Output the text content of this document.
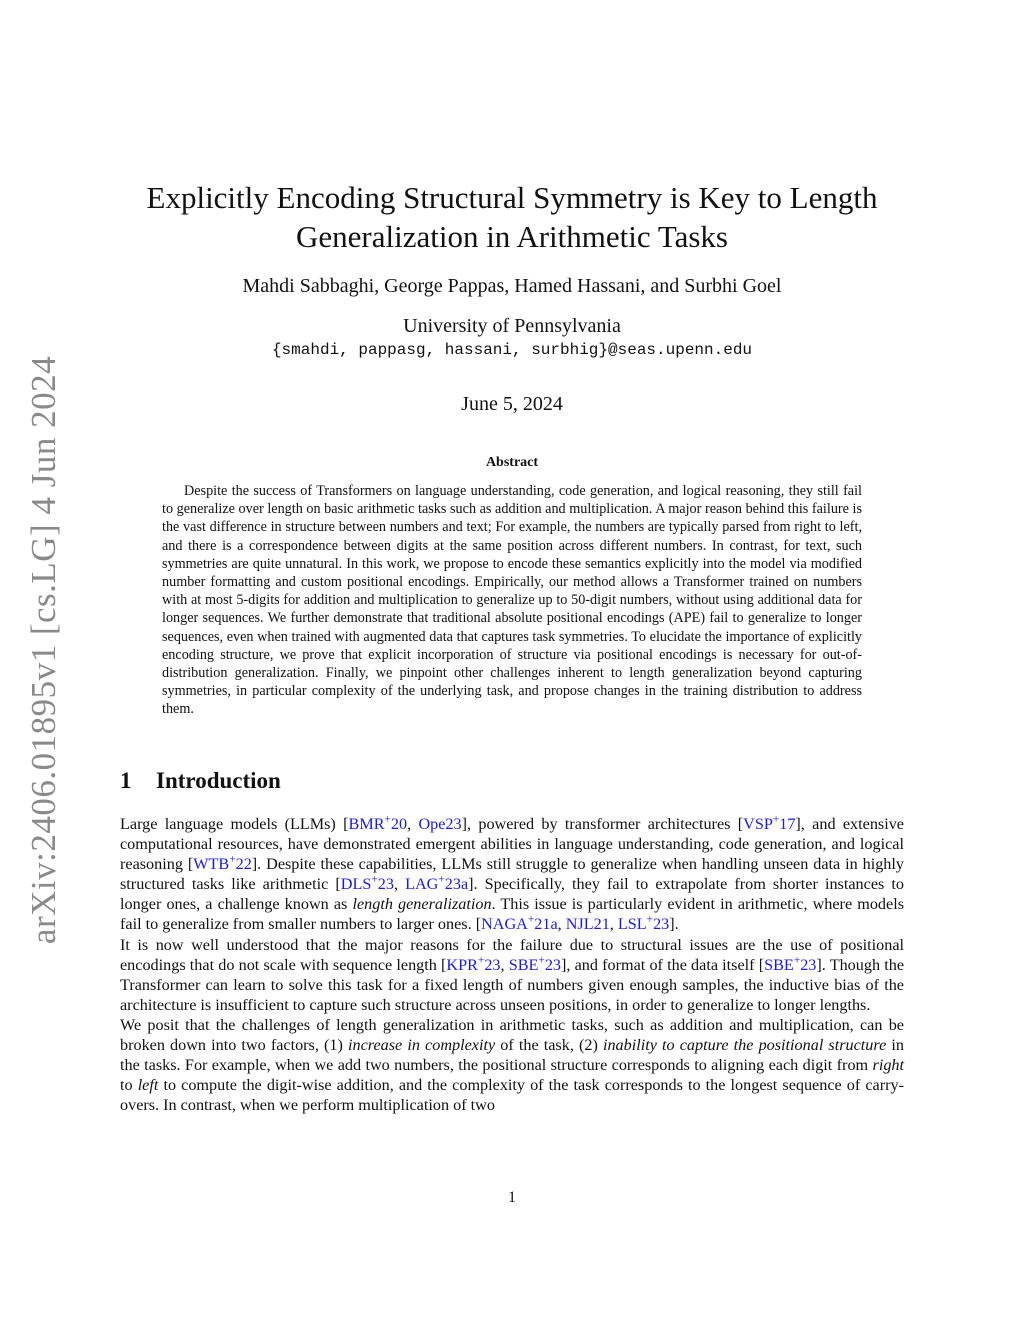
arXiv:2406.01895v1 [cs.LG] 4 Jun 2024
Explicitly Encoding Structural Symmetry is Key to Length
Generalization in Arithmetic Tasks
Mahdi Sabbaghi, George Pappas, Hamed Hassani, and Surbhi Goel
University of Pennsylvania
{smahdi, pappasg, hassani, surbhig}@seas.upenn.edu
June 5, 2024
Abstract

Despite the success of Transformers on language understanding, code generation, and logical reasoning, they still fail to generalize over length on basic arithmetic tasks such as addition and multiplication. A major reason behind this failure is the vast difference in structure between numbers and text; For example, the numbers are typically parsed from right to left, and there is a correspondence between digits at the same position across different numbers. In contrast, for text, such symmetries are quite unnatural. In this work, we propose to encode these semantics explicitly into the model via modified number formatting and custom positional encodings. Empirically, our method allows a Transformer trained on numbers with at most 5-digits for addition and multiplication to generalize up to 50-digit numbers, without using additional data for longer sequences. We further demonstrate that traditional absolute positional encodings (APE) fail to generalize to longer sequences, even when trained with augmented data that captures task symmetries. To elucidate the importance of explicitly encoding structure, we prove that explicit incorporation of structure via positional encodings is necessary for out-of-distribution generalization. Finally, we pinpoint other challenges inherent to length generalization beyond capturing symmetries, in particular complexity of the underlying task, and propose changes in the training distribution to address them.

1 Introduction

Large language models (LLMs) [BMR+20, Ope23], powered by transformer architectures [VSP+17], and extensive computational resources, have demonstrated emergent abilities in language understanding, code generation, and logical reasoning [WTB+22]. Despite these capabilities, LLMs still struggle to generalize when handling unseen data in highly structured tasks like arithmetic [DLS+23, LAG+23a]. Specifically, they fail to extrapolate from shorter instances to longer ones, a challenge known as length generalization. This issue is particularly evident in arithmetic, where models fail to generalize from smaller numbers to larger ones. [NAGA+21a, NJL21, LSL+23].

It is now well understood that the major reasons for the failure due to structural issues are the use of positional encodings that do not scale with sequence length [KPR+23, SBE+23], and format of the data itself [SBE+23]. Though the Transformer can learn to solve this task for a fixed length of numbers given enough samples, the inductive bias of the architecture is insufficient to capture such structure across unseen positions, in order to generalize to longer lengths.

We posit that the challenges of length generalization in arithmetic tasks, such as addition and multiplication, can be broken down into two factors, (1) increase in complexity of the task, (2) inability to capture the positional structure in the tasks. For example, when we add two numbers, the positional structure corresponds to aligning each digit from right to left to compute the digit-wise addition, and the complexity of the task corresponds to the longest sequence of carry-overs. In contrast, when we perform multiplication of two

1
